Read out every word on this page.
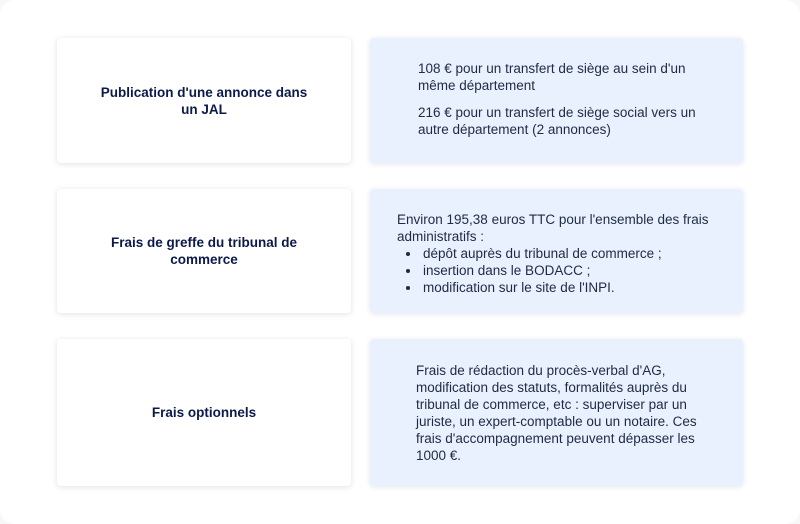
Publication d'une annonce dans un JAL

108 € pour un transfert de siège au sein d'un même département

216 € pour un transfert de siège social vers un autre département (2 annonces)

Frais de greffe du tribunal de commerce

Environ 195,38 euros TTC pour l'ensemble des frais administratifs :

• dépôt auprès du tribunal de commerce ;
• insertion dans le BODACC ;
• modification sur le site de l'INPI.
Frais optionnels

Frais de rédaction du procès-verbal d'AG, modification des statuts, formalités auprès du tribunal de commerce, etc : superviser par un juriste, un expert-comptable ou un notaire. Ces frais d'accompagnement peuvent dépasser les 1000 €.
